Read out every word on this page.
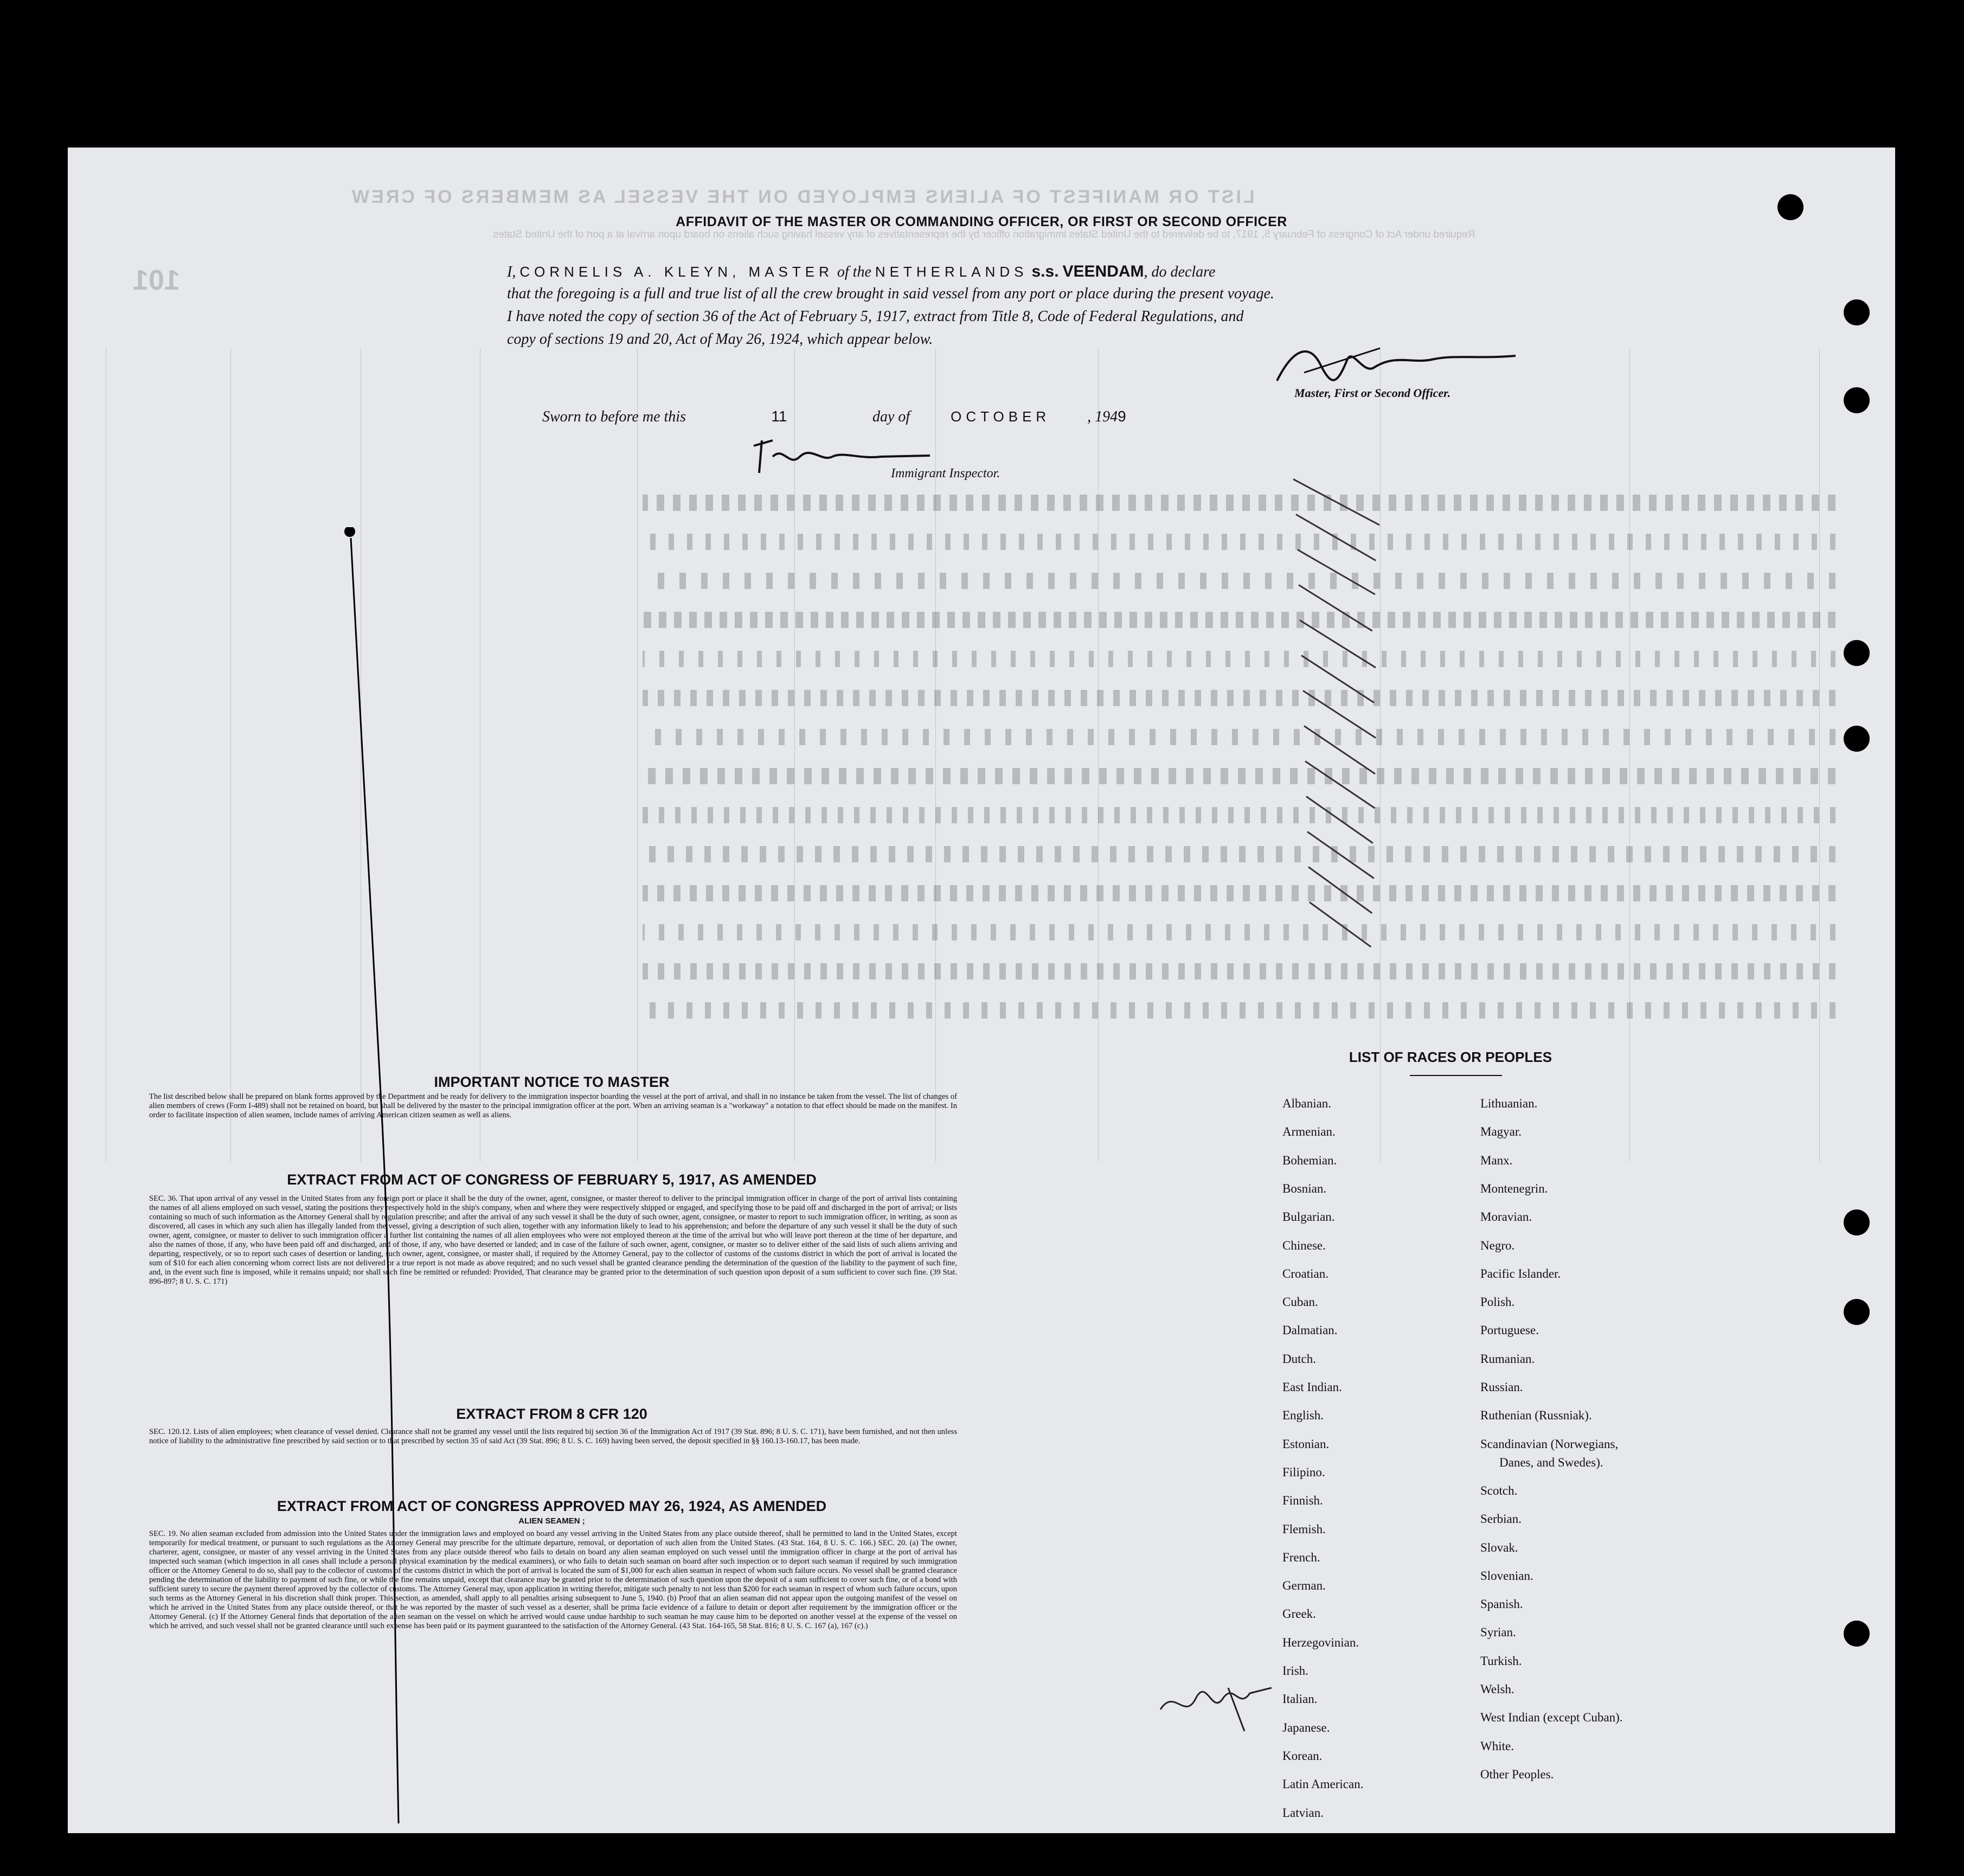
LIST OR MANIFEST OF ALIENS EMPLOYED ON THE VESSEL AS MEMBERS OF CREW
Required under Act of Congress of February 5, 1917, to be delivered to the United States immigration officer by the representatives of any vessel having such aliens on board upon arrival at a port of the United States
101
AFFIDAVIT OF THE MASTER OR COMMANDING OFFICER, OR FIRST OR SECOND OFFICER
I, CORNELIS A. KLEYN, MASTER of the NETHERLANDS s.s. VEENDAM, do declare
that the foregoing is a full and true list of all the crew brought in said vessel from any port or place during the present voyage.
I have noted the copy of section 36 of the Act of February 5, 1917, extract from Title 8, Code of Federal Regulations, and
copy of sections 19 and 20, Act of May 26, 1924, which appear below.
Master, First or Second Officer.
Sworn to before me this	11	day of	OCTOBER , 1949
Immigrant Inspector.
IMPORTANT NOTICE TO MASTER
The list described below shall be prepared on blank forms approved by the Department and be ready for delivery to the immigration inspector boarding the vessel at the port of arrival, and shall in no instance be taken from the vessel. The list of changes of alien members of crews (Form I-489) shall not be retained on board, but shall be delivered by the master to the principal immigration officer at the port. When an arriving seaman is a "workaway" a notation to that effect should be made on the manifest. In order to facilitate inspection of alien seamen, include names of arriving American citizen seamen as well as aliens.
EXTRACT FROM ACT OF CONGRESS OF FEBRUARY 5, 1917, AS AMENDED
SEC. 36. That upon arrival of any vessel in the United States from any foreign port or place it shall be the duty of the owner, agent, consignee, or master thereof to deliver to the principal immigration officer in charge of the port of arrival lists containing the names of all aliens employed on such vessel, stating the positions they respectively hold in the ship's company, when and where they were respectively shipped or engaged, and specifying those to be paid off and discharged in the port of arrival; or lists containing so much of such information as the Attorney General shall by regulation prescribe; and after the arrival of any such vessel it shall be the duty of such owner, agent, consignee, or master to report to such immigration officer, in writing, as soon as discovered, all cases in which any such alien has illegally landed from the vessel, giving a description of such alien, together with any information likely to lead to his apprehension; and before the departure of any such vessel it shall be the duty of such owner, agent, consignee, or master to deliver to such immigration officer a further list containing the names of all alien employees who were not employed thereon at the time of the arrival but who will leave port thereon at the time of her departure, and also the names of those, if any, who have been paid off and discharged, and of those, if any, who have deserted or landed; and in case of the failure of such owner, agent, consignee, or master so to deliver either of the said lists of such aliens arriving and departing, respectively, or so to report such cases of desertion or landing, such owner, agent, consignee, or master shall, if required by the Attorney General, pay to the collector of customs of the customs district in which the port of arrival is located the sum of $10 for each alien concerning whom correct lists are not delivered or a true report is not made as above required; and no such vessel shall be granted clearance pending the determination of the question of the liability to the payment of such fine, and, in the event such fine is imposed, while it remains unpaid; nor shall such fine be remitted or refunded: Provided, That clearance may be granted prior to the determination of such question upon deposit of a sum sufficient to cover such fine. (39 Stat. 896-897; 8 U. S. C. 171)
EXTRACT FROM 8 CFR 120
SEC. 120.12. Lists of alien employees; when clearance of vessel denied. Clearance shall not be granted any vessel until the lists required bij section 36 of the Immigration Act of 1917 (39 Stat. 896; 8 U. S. C. 171), have been furnished, and not then unless notice of liability to the administrative fine prescribed by said section or to that prescribed by section 35 of said Act (39 Stat. 896; 8 U. S. C. 169) having been served, the deposit specified in §§ 160.13-160.17, has been made.
EXTRACT FROM ACT OF CONGRESS APPROVED MAY 26, 1924, AS AMENDED
ALIEN SEAMEN ;
SEC. 19. No alien seaman excluded from admission into the United States under the immigration laws and employed on board any vessel arriving in the United States from any place outside thereof, shall be permitted to land in the United States, except temporarily for medical treatment, or pursuant to such regulations as the Attorney General may prescribe for the ultimate departure, removal, or deportation of such alien from the United States. (43 Stat. 164, 8 U. S. C. 166.) SEC. 20. (a) The owner, charterer, agent, consignee, or master of any vessel arriving in the United States from any place outside thereof who fails to detain on board any alien seaman employed on such vessel until the immigration officer in charge at the port of arrival has inspected such seaman (which inspection in all cases shall include a personal physical examination by the medical examiners), or who fails to detain such seaman on board after such inspection or to deport such seaman if required by such immigration officer or the Attorney General to do so, shall pay to the collector of customs of the customs district in which the port of arrival is located the sum of $1,000 for each alien seaman in respect of whom such failure occurs. No vessel shall be granted clearance pending the determination of the liability to payment of such fine, or while the fine remains unpaid, except that clearance may be granted prior to the determination of such question upon the deposit of a sum sufficient to cover such fine, or of a bond with sufficient surety to secure the payment thereof approved by the collector of customs. The Attorney General may, upon application in writing therefor, mitigate such penalty to not less than $200 for each seaman in respect of whom such failure occurs, upon such terms as the Attorney General in his discretion shall think proper. This section, as amended, shall apply to all penalties arising subsequent to June 5, 1940. (b) Proof that an alien seaman did not appear upon the outgoing manifest of the vessel on which he arrived in the United States from any place outside thereof, or that he was reported by the master of such vessel as a deserter, shall be prima facie evidence of a failure to detain or deport after requirement by the immigration officer or the Attorney General. (c) If the Attorney General finds that deportation of the alien seaman on the vessel on which he arrived would cause undue hardship to such seaman he may cause him to be deported on another vessel at the expense of the vessel on which he arrived, and such vessel shall not be granted clearance until such expense has been paid or its payment guaranteed to the satisfaction of the Attorney General. (43 Stat. 164-165, 58 Stat. 816; 8 U. S. C. 167 (a), 167 (c).)
LIST OF RACES OR PEOPLES
Albanian.
Armenian.
Bohemian.
Bosnian.
Bulgarian.
Chinese.
Croatian.
Cuban.
Dalmatian.
Dutch.
East Indian.
English.
Estonian.
Filipino.
Finnish.
Flemish.
French.
German.
Greek.
Herzegovinian.
Irish.
Italian.
Japanese.
Korean.
Latin American.
Latvian.
Lithuanian.
Magyar.
Manx.
Montenegrin.
Moravian.
Negro.
Pacific Islander.
Polish.
Portuguese.
Rumanian.
Russian.
Ruthenian (Russniak).
Scandinavian (Norwegians,
Danes, and Swedes).
Scotch.
Serbian.
Slovak.
Slovenian.
Spanish.
Syrian.
Turkish.
Welsh.
West Indian (except Cuban).
White.
Other Peoples.
